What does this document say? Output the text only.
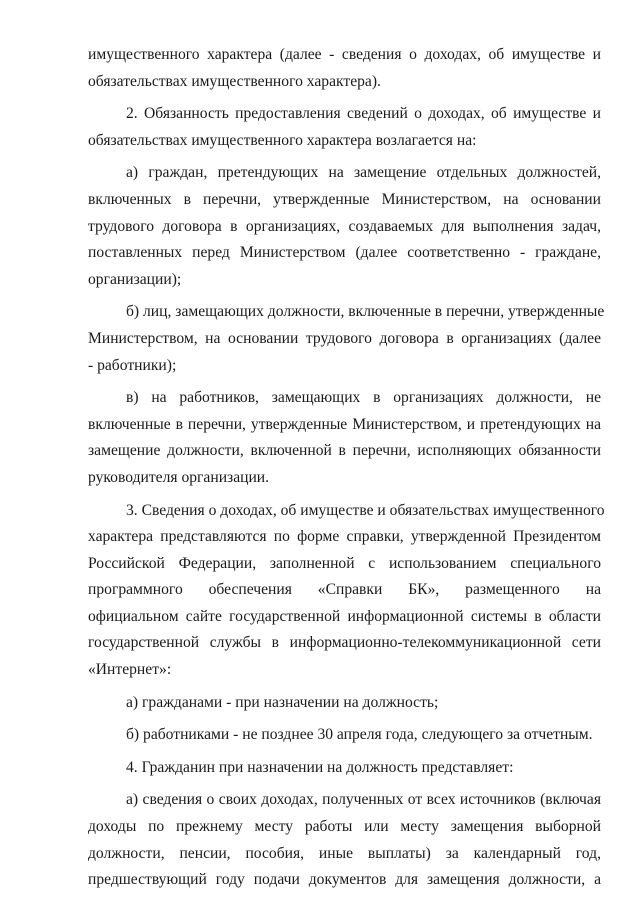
имущественного характера (далее - сведения о доходах, об имуществе и
обязательствах имущественного характера).
2. Обязанность предоставления сведений о доходах, об имуществе и
обязательствах имущественного характера возлагается на:
а) граждан, претендующих на замещение отдельных должностей,
включенных в перечни, утвержденные Министерством, на основании
трудового договора в организациях, создаваемых для выполнения задач,
поставленных перед Министерством (далее соответственно - граждане,
организации);
б) лиц, замещающих должности, включенные в перечни, утвержденные
Министерством, на основании трудового договора в организациях (далее
- работники);
в) на работников, замещающих в организациях должности, не
включенные в перечни, утвержденные Министерством, и претендующих на
замещение должности, включенной в перечни, исполняющих обязанности
руководителя организации.
3. Сведения о доходах, об имуществе и обязательствах имущественного
характера представляются по форме справки, утвержденной Президентом
Российской Федерации, заполненной с использованием специального
программного обеспечения «Справки БК», размещенного на
официальном сайте государственной информационной системы в области
государственной службы в информационно-телекоммуникационной сети
«Интернет»:
а) гражданами - при назначении на должность;
б) работниками - не позднее 30 апреля года, следующего за отчетным.
4. Гражданин при назначении на должность представляет:
а) сведения о своих доходах, полученных от всех источников (включая
доходы по прежнему месту работы или месту замещения выборной
должности, пенсии, пособия, иные выплаты) за календарный год,
предшествующий году подачи документов для замещения должности, а
